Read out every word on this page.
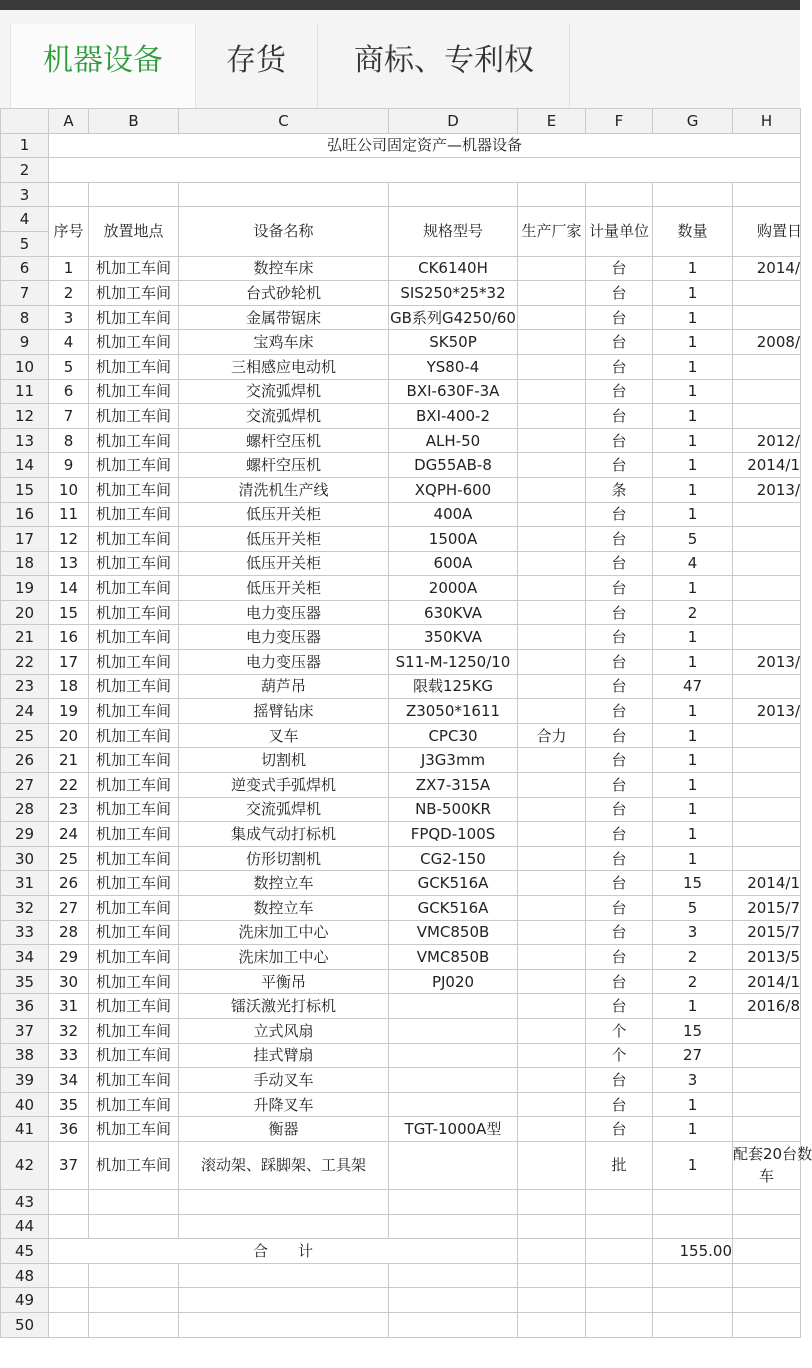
机器设备	存货	商标、专利权
	A	B	C	D	E	F	G	H
1	弘旺公司固定资产—机器设备							
2								
3								
4	序号	放置地点	设备名称	规格型号	生产厂家	计量单位	数量	购置日
5								
6	1	机加工车间	数控车床	CK6140H		台	1	2014/
7	2	机加工车间	台式砂轮机	SIS250*25*32		台	1	
8	3	机加工车间	金属带锯床	GB系列G4250/60		台	1	
9	4	机加工车间	宝鸡车床	SK50P		台	1	2008/
10	5	机加工车间	三相感应电动机	YS80-4		台	1	
11	6	机加工车间	交流弧焊机	BXI-630F-3A		台	1	
12	7	机加工车间	交流弧焊机	BXI-400-2		台	1	
13	8	机加工车间	螺杆空压机	ALH-50		台	1	2012/
14	9	机加工车间	螺杆空压机	DG55AB-8		台	1	2014/1
15	10	机加工车间	清洗机生产线	XQPH-600		条	1	2013/
16	11	机加工车间	低压开关柜	400A		台	1	
17	12	机加工车间	低压开关柜	1500A		台	5	
18	13	机加工车间	低压开关柜	600A		台	4	
19	14	机加工车间	低压开关柜	2000A		台	1	
20	15	机加工车间	电力变压器	630KVA		台	2	
21	16	机加工车间	电力变压器	350KVA		台	1	
22	17	机加工车间	电力变压器	S11-M-1250/10		台	1	2013/
23	18	机加工车间	葫芦吊	限载125KG		台	47	
24	19	机加工车间	摇臂钻床	Z3050*1611		台	1	2013/
25	20	机加工车间	叉车	CPC30	合力	台	1	
26	21	机加工车间	切割机	J3G3mm		台	1	
27	22	机加工车间	逆变式手弧焊机	ZX7-315A		台	1	
28	23	机加工车间	交流弧焊机	NB-500KR		台	1	
29	24	机加工车间	集成气动打标机	FPQD-100S		台	1	
30	25	机加工车间	仿形切割机	CG2-150		台	1	
31	26	机加工车间	数控立车	GCK516A		台	15	2014/1
32	27	机加工车间	数控立车	GCK516A		台	5	2015/7
33	28	机加工车间	洗床加工中心	VMC850B		台	3	2015/7
34	29	机加工车间	洗床加工中心	VMC850B		台	2	2013/5
35	30	机加工车间	平衡吊	PJ020		台	2	2014/1
36	31	机加工车间	镭沃激光打标机			台	1	2016/8
37	32	机加工车间	立式风扇			个	15	
38	33	机加工车间	挂式臂扇			个	27	
39	34	机加工车间	手动叉车			台	3	
40	35	机加工车间	升降叉车			台	1	
41	36	机加工车间	衡器	TGT-1000A型		台	1	
42	37	机加工车间	滚动架、踩脚架、工具架			批	1	配套20台数
车

43								
44								
45	合　　计						155.00	
48								
49								
50								
